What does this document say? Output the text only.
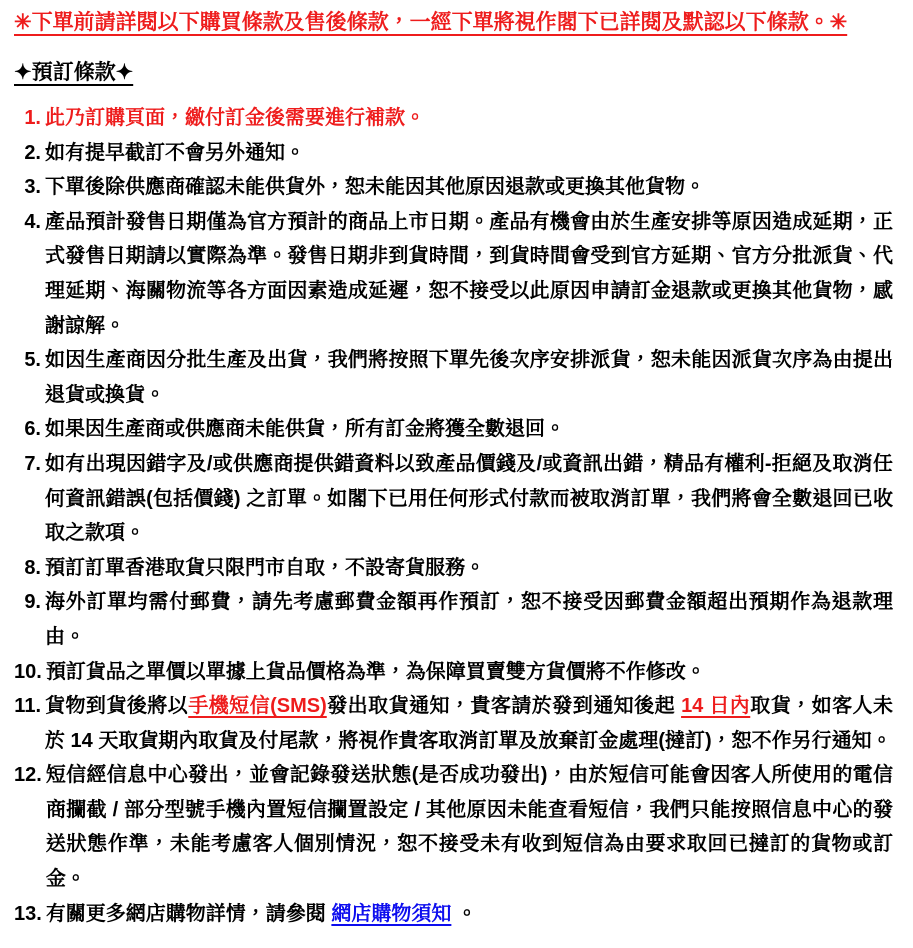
✳下單前請詳閱以下購買條款及售後條款，一經下單將視作閣下已詳閱及默認以下條款。✳

✦預訂條款✦
1. 此乃訂購頁面，繳付訂金後需要進行補款。

2. 如有提早截訂不會另外通知。

3. 下單後除供應商確認未能供貨外，恕未能因其他原因退款或更換其他貨物。

4. 產品預計發售日期僅為官方預計的商品上市日期。產品有機會由於生產安排等原因造成延期，正式發售日期請以實際為準。發售日期非到貨時間，到貨時間會受到官方延期、官方分批派貨、代理延期、海關物流等各方面因素造成延遲，恕不接受以此原因申請訂金退款或更換其他貨物，感謝諒解。

5. 如因生產商因分批生產及出貨，我們將按照下單先後次序安排派貨，恕未能因派貨次序為由提出退貨或換貨。

6. 如果因生產商或供應商未能供貨，所有訂金將獲全數退回。

7. 如有出現因錯字及/或供應商提供錯資料以致產品價錢及/或資訊出錯，精品有權利-拒絕及取消任何資訊錯誤(包括價錢) 之訂單。如閣下已用任何形式付款而被取消訂單，我們將會全數退回已收取之款項。

8. 預訂訂單香港取貨只限門市自取，不設寄貨服務。

9. 海外訂單均需付郵費，請先考慮郵費金額再作預訂，恕不接受因郵費金額超出預期作為退款理由。

10. 預訂貨品之單價以單據上貨品價格為準，為保障買賣雙方貨價將不作修改。

11. 貨物到貨後將以手機短信(SMS)發出取貨通知，貴客請於發到通知後起 14 日內取貨，如客人未於 14 天取貨期內取貨及付尾款，將視作貴客取消訂單及放棄訂金處理(撻訂)，恕不作另行通知。

12. 短信經信息中心發出，並會記錄發送狀態(是否成功發出)，由於短信可能會因客人所使用的電信商攔截 / 部分型號手機內置短信攔置設定 / 其他原因未能查看短信，我們只能按照信息中心的發送狀態作準，未能考慮客人個別情況，恕不接受未有收到短信為由要求取回已撻訂的貨物或訂金。

13. 有關更多網店購物詳情，請參閱 網店購物須知 。
